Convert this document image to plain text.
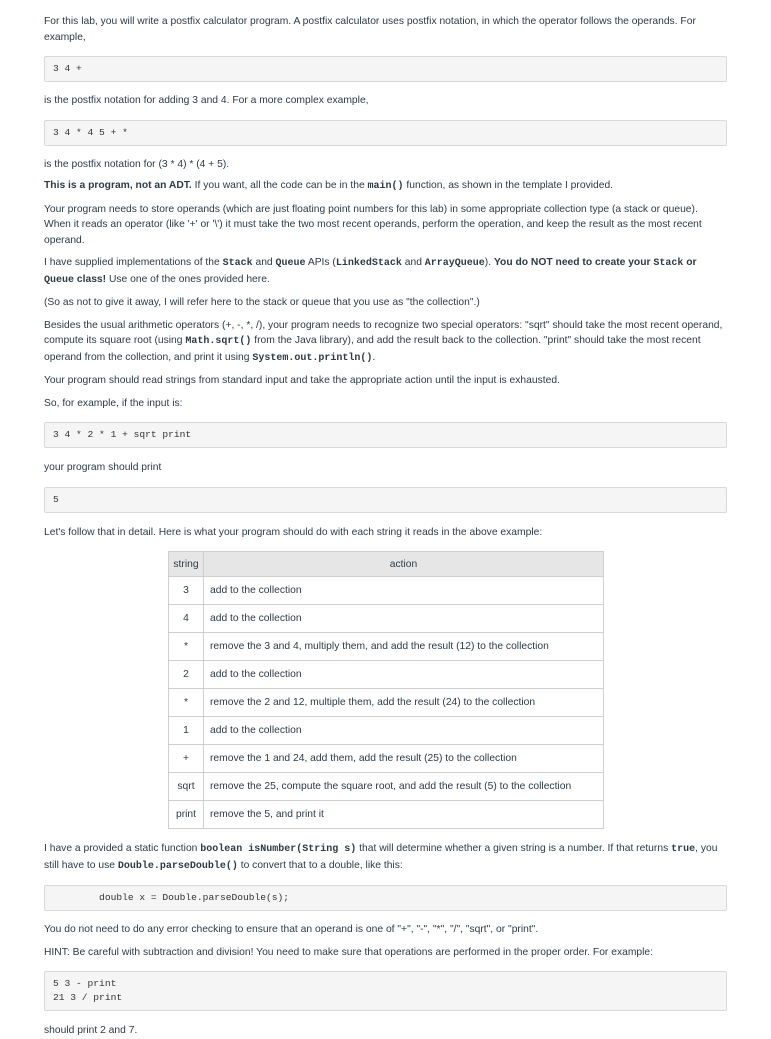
For this lab, you will write a postfix calculator program. A postfix calculator uses postfix notation, in which the operator follows the operands. For example,

3 4 +

is the postfix notation for adding 3 and 4. For a more complex example,

3 4 * 4 5 + *

is the postfix notation for (3 * 4) * (4 + 5).

This is a program, not an ADT. If you want, all the code can be in the main() function, as shown in the template I provided.

Your program needs to store operands (which are just floating point numbers for this lab) in some appropriate collection type (a stack or queue). When it reads an operator (like '+' or '\') it must take the two most recent operands, perform the operation, and keep the result as the most recent operand.

I have supplied implementations of the Stack and Queue APIs (LinkedStack and ArrayQueue). You do NOT need to create your Stack or Queue class! Use one of the ones provided here.

(So as not to give it away, I will refer here to the stack or queue that you use as "the collection".)

Besides the usual arithmetic operators (+, -, *, /), your program needs to recognize two special operators: "sqrt" should take the most recent operand, compute its square root (using Math.sqrt() from the Java library), and add the result back to the collection. "print" should take the most recent operand from the collection, and print it using System.out.println().

Your program should read strings from standard input and take the appropriate action until the input is exhausted.

So, for example, if the input is:

3 4 * 2 * 1 + sqrt print

your program should print

5

Let's follow that in detail. Here is what your program should do with each string it reads in the above example:

string	action
3	add to the collection
4	add to the collection
*	remove the 3 and 4, multiply them, and add the result (12) to the collection
2	add to the collection
*	remove the 2 and 12, multiple them, add the result (24) to the collection
1	add to the collection
+	remove the 1 and 24, add them, add the result (25) to the collection
sqrt	remove the 25, compute the square root, and add the result (5) to the collection
print	remove the 5, and print it

I have a provided a static function boolean isNumber(String s) that will determine whether a given string is a number. If that returns true, you still have to use Double.parseDouble() to convert that to a double, like this:

double x = Double.parseDouble(s);

You do not need to do any error checking to ensure that an operand is one of "+", "-", "*", "/", "sqrt", or "print".

HINT: Be careful with subtraction and division! You need to make sure that operations are performed in the proper order. For example:

5 3 - print
21 3 / print

should print 2 and 7.
